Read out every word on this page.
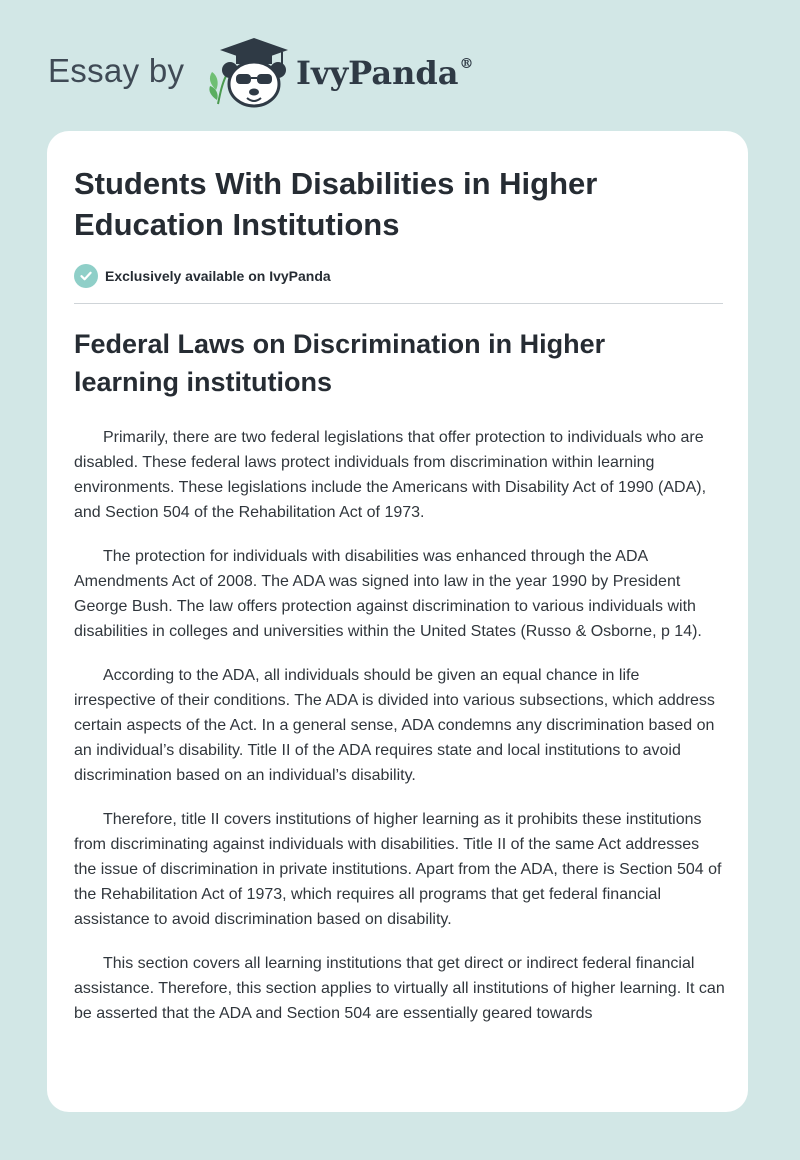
Essay by	IvyPanda®
Students With Disabilities in Higher Education Institutions
Exclusively available on IvyPanda
Federal Laws on Discrimination in Higher learning institutions

Primarily, there are two federal legislations that offer protection to individuals who are disabled. These federal laws protect individuals from discrimination within learning environments. These legislations include the Americans with Disability Act of 1990 (ADA), and Section 504 of the Rehabilitation Act of 1973.

The protection for individuals with disabilities was enhanced through the ADA Amendments Act of 2008. The ADA was signed into law in the year 1990 by President George Bush. The law offers protection against discrimination to various individuals with disabilities in colleges and universities within the United States (Russo & Osborne, p 14).

According to the ADA, all individuals should be given an equal chance in life irrespective of their conditions. The ADA is divided into various subsections, which address certain aspects of the Act. In a general sense, ADA condemns any discrimination based on an individual’s disability. Title II of the ADA requires state and local institutions to avoid discrimination based on an individual’s disability.

Therefore, title II covers institutions of higher learning as it prohibits these institutions from discriminating against individuals with disabilities. Title II of the same Act addresses the issue of discrimination in private institutions. Apart from the ADA, there is Section 504 of the Rehabilitation Act of 1973, which requires all programs that get federal financial assistance to avoid discrimination based on disability.

This section covers all learning institutions that get direct or indirect federal financial assistance. Therefore, this section applies to virtually all institutions of higher learning. It can be asserted that the ADA and Section 504 are essentially geared towards
